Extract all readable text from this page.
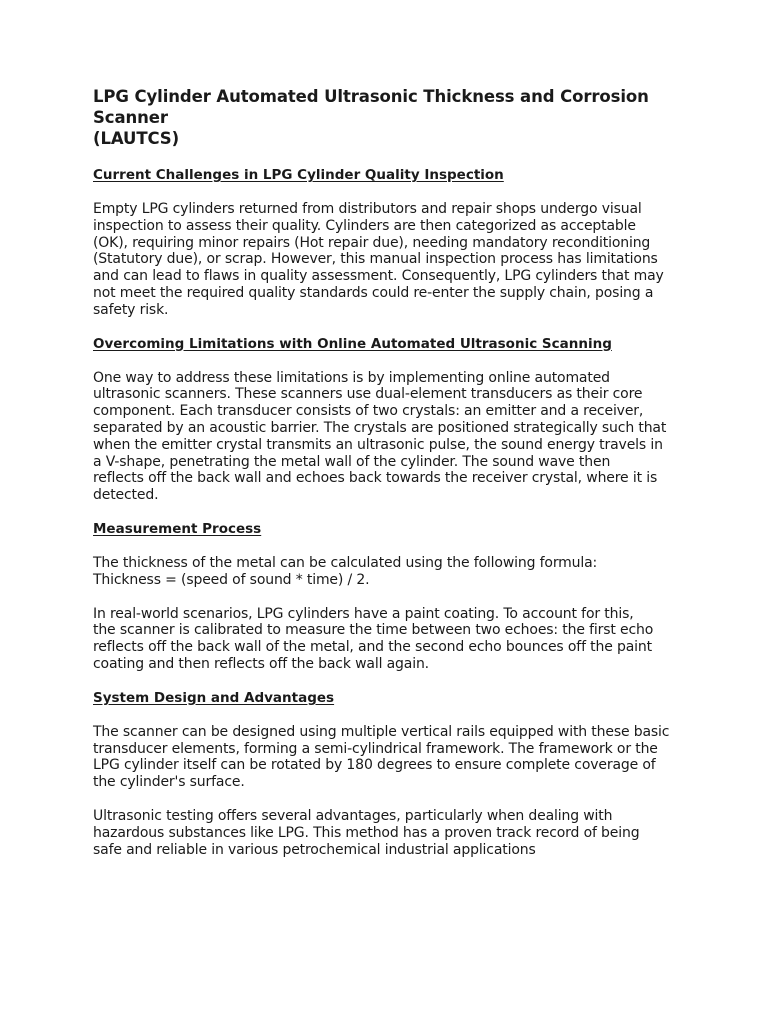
LPG Cylinder Automated Ultrasonic Thickness and Corrosion Scanner
(LAUTCS)
Current Challenges in LPG Cylinder Quality Inspection
Empty LPG cylinders returned from distributors and repair shops undergo visual
inspection to assess their quality. Cylinders are then categorized as acceptable
(OK), requiring minor repairs (Hot repair due), needing mandatory reconditioning
(Statutory due), or scrap. However, this manual inspection process has limitations
and can lead to flaws in quality assessment. Consequently, LPG cylinders that may
not meet the required quality standards could re-enter the supply chain, posing a
safety risk.
Overcoming Limitations with Online Automated Ultrasonic Scanning
One way to address these limitations is by implementing online automated
ultrasonic scanners. These scanners use dual-element transducers as their core
component. Each transducer consists of two crystals: an emitter and a receiver,
separated by an acoustic barrier. The crystals are positioned strategically such that
when the emitter crystal transmits an ultrasonic pulse, the sound energy travels in
a V-shape, penetrating the metal wall of the cylinder. The sound wave then
reflects off the back wall and echoes back towards the receiver crystal, where it is
detected.
Measurement Process
The thickness of the metal can be calculated using the following formula:
Thickness = (speed of sound * time) / 2.
In real-world scenarios, LPG cylinders have a paint coating. To account for this,
the scanner is calibrated to measure the time between two echoes: the first echo
reflects off the back wall of the metal, and the second echo bounces off the paint
coating and then reflects off the back wall again.
System Design and Advantages
The scanner can be designed using multiple vertical rails equipped with these basic
transducer elements, forming a semi-cylindrical framework. The framework or the
LPG cylinder itself can be rotated by 180 degrees to ensure complete coverage of
the cylinder's surface.
Ultrasonic testing offers several advantages, particularly when dealing with
hazardous substances like LPG. This method has a proven track record of being
safe and reliable in various petrochemical industrial applications
